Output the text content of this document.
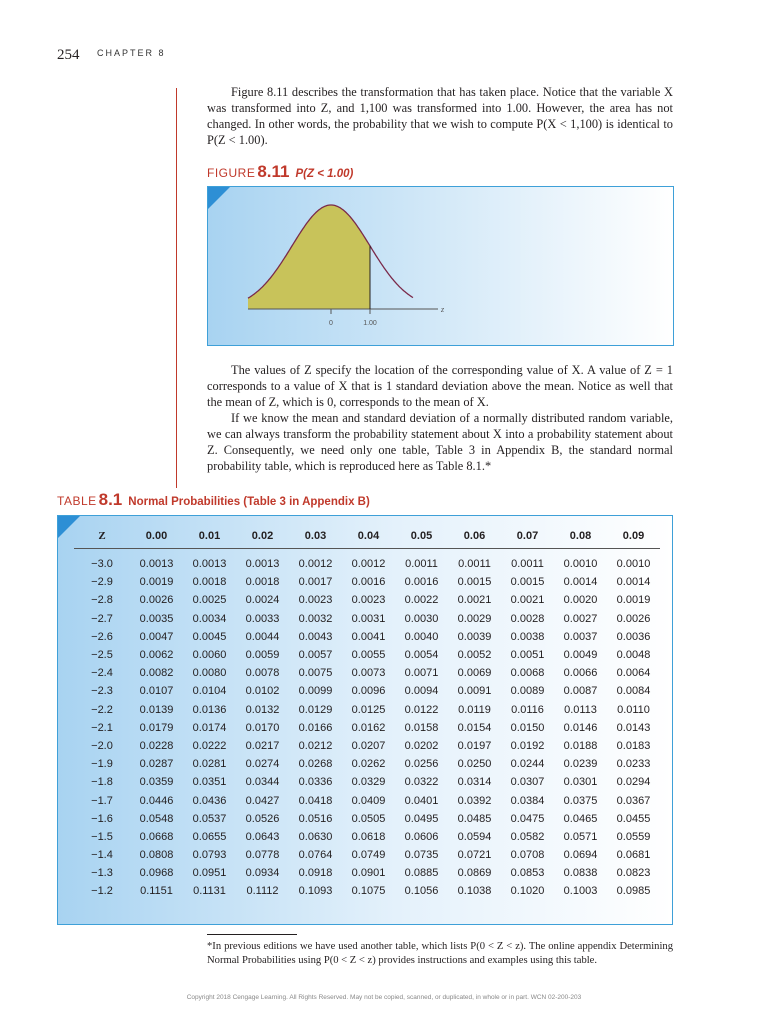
254 CHAPTER 8

Figure 8.11 describes the transformation that has taken place. Notice that the variable X was transformed into Z, and 1,100 was transformed into 1.00. However, the area has not changed. In other words, the probability that we wish to compute P(X < 1,100) is identical to P(Z < 1.00).

FIGURE 8.11 P(Z < 1.00)
0	1.00
z

The values of Z specify the location of the corresponding value of X. A value of Z = 1 corresponds to a value of X that is 1 standard deviation above the mean. Notice as well that the mean of Z, which is 0, corresponds to the mean of X.

If we know the mean and standard deviation of a normally distributed random variable, we can always transform the probability statement about X into a probability statement about Z. Consequently, we need only one table, Table 3 in Appendix B, the standard normal probability table, which is reproduced here as Table 8.1.*

TABLE 8.1 Normal Probabilities (Table 3 in Appendix B)
Z	0.00	0.01	0.02	0.03	0.04	0.05	0.06	0.07	0.08	0.09
−3.0	0.0013	0.0013	0.0013	0.0012	0.0012	0.0011	0.0011	0.0011	0.0010	0.0010
−2.9	0.0019	0.0018	0.0018	0.0017	0.0016	0.0016	0.0015	0.0015	0.0014	0.0014
−2.8	0.0026	0.0025	0.0024	0.0023	0.0023	0.0022	0.0021	0.0021	0.0020	0.0019
−2.7	0.0035	0.0034	0.0033	0.0032	0.0031	0.0030	0.0029	0.0028	0.0027	0.0026
−2.6	0.0047	0.0045	0.0044	0.0043	0.0041	0.0040	0.0039	0.0038	0.0037	0.0036
−2.5	0.0062	0.0060	0.0059	0.0057	0.0055	0.0054	0.0052	0.0051	0.0049	0.0048
−2.4	0.0082	0.0080	0.0078	0.0075	0.0073	0.0071	0.0069	0.0068	0.0066	0.0064
−2.3	0.0107	0.0104	0.0102	0.0099	0.0096	0.0094	0.0091	0.0089	0.0087	0.0084
−2.2	0.0139	0.0136	0.0132	0.0129	0.0125	0.0122	0.0119	0.0116	0.0113	0.0110
−2.1	0.0179	0.0174	0.0170	0.0166	0.0162	0.0158	0.0154	0.0150	0.0146	0.0143
−2.0	0.0228	0.0222	0.0217	0.0212	0.0207	0.0202	0.0197	0.0192	0.0188	0.0183
−1.9	0.0287	0.0281	0.0274	0.0268	0.0262	0.0256	0.0250	0.0244	0.0239	0.0233
−1.8	0.0359	0.0351	0.0344	0.0336	0.0329	0.0322	0.0314	0.0307	0.0301	0.0294
−1.7	0.0446	0.0436	0.0427	0.0418	0.0409	0.0401	0.0392	0.0384	0.0375	0.0367
−1.6	0.0548	0.0537	0.0526	0.0516	0.0505	0.0495	0.0485	0.0475	0.0465	0.0455
−1.5	0.0668	0.0655	0.0643	0.0630	0.0618	0.0606	0.0594	0.0582	0.0571	0.0559
−1.4	0.0808	0.0793	0.0778	0.0764	0.0749	0.0735	0.0721	0.0708	0.0694	0.0681
−1.3	0.0968	0.0951	0.0934	0.0918	0.0901	0.0885	0.0869	0.0853	0.0838	0.0823
−1.2	0.1151	0.1131	0.1112	0.1093	0.1075	0.1056	0.1038	0.1020	0.1003	0.0985
*In previous editions we have used another table, which lists P(0 < Z < z). The online appendix Determining Normal Probabilities using P(0 < Z < z) provides instructions and examples using this table.
Copyright 2018 Cengage Learning. All Rights Reserved. May not be copied, scanned, or duplicated, in whole or in part. WCN 02-200-203
